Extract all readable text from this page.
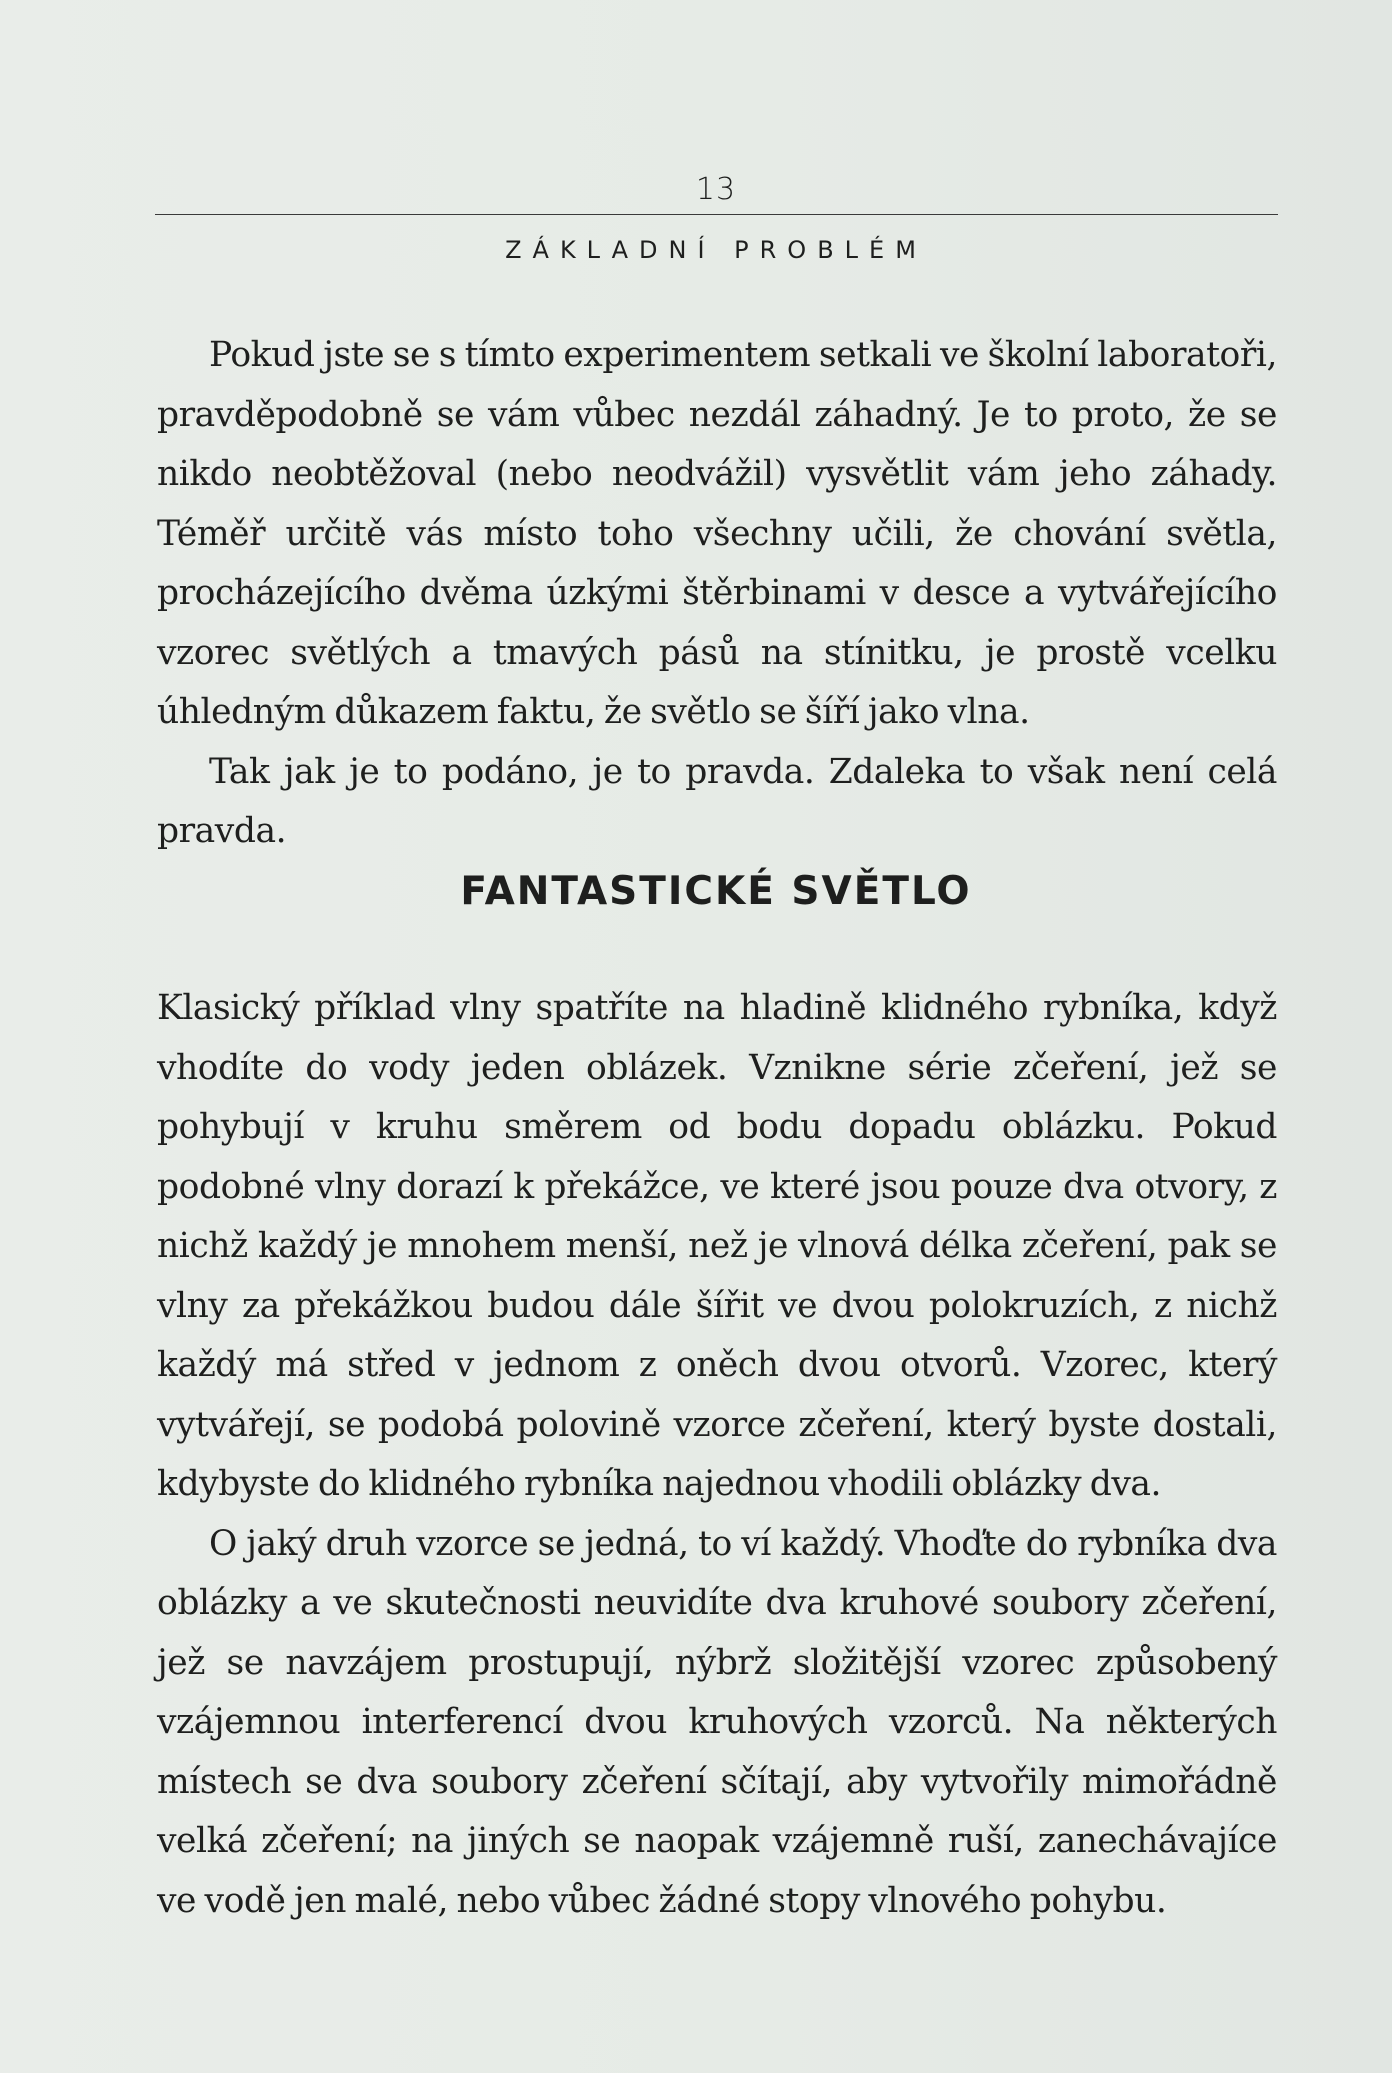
13
ZÁKLADNÍ PROBLÉM

Pokud jste se s tímto experimentem setkali ve školní laboratoři, pravděpodobně se vám vůbec nezdál záhadný. Je to proto, že se nikdo neobtěžoval (nebo neodvážil) vysvětlit vám jeho záhady. Téměř určitě vás místo toho všechny učili, že chování světla, procházejícího dvěma úzkými štěrbinami v desce a vytvářejícího vzorec světlých a tmavých pásů na stínitku, je prostě vcelku úhledným důkazem faktu, že světlo se šíří jako vlna.

Tak jak je to podáno, je to pravda. Zdaleka to však není celá pravda.

FANTASTICKÉ SVĚTLO

Klasický příklad vlny spatříte na hladině klidného rybníka, když vhodíte do vody jeden oblázek. Vznikne série zčeření, jež se pohybují v kruhu směrem od bodu dopadu oblázku. Pokud podobné vlny dorazí k překážce, ve které jsou pouze dva otvory, z nichž každý je mnohem menší, než je vlnová délka zčeření, pak se vlny za překážkou budou dále šířit ve dvou polokruzích, z nichž každý má střed v jednom z oněch dvou otvorů. Vzorec, který vytvářejí, se podobá polovině vzorce zčeření, který byste dostali, kdybyste do klidného rybníka najednou vhodili oblázky dva.

O jaký druh vzorce se jedná, to ví každý. Vhoďte do rybníka dva oblázky a ve skutečnosti neuvidíte dva kruhové soubory zčeření, jež se navzájem prostupují, nýbrž složitější vzorec způsobený vzájemnou interferencí dvou kruhových vzorců. Na některých místech se dva soubory zčeření sčítají, aby vytvořily mimořádně velká zčeření; na jiných se naopak vzájemně ruší, zanechávajíce ve vodě jen malé, nebo vůbec žádné stopy vlnového pohybu.
